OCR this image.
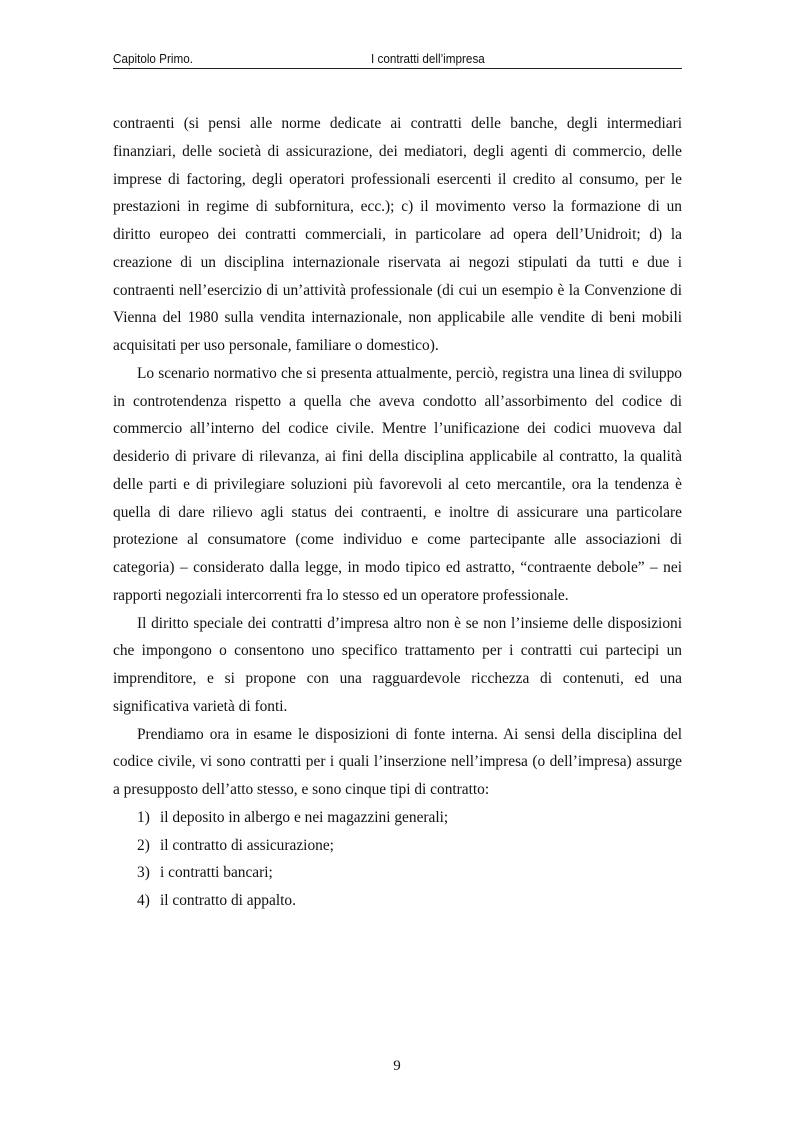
Capitolo Primo.	I contratti dell’impresa

contraenti (si pensi alle norme dedicate ai contratti delle banche, degli intermediari finanziari, delle società di assicurazione, dei mediatori, degli agenti di commercio, delle imprese di factoring, degli operatori professionali esercenti il credito al consumo, per le prestazioni in regime di subfornitura, ecc.); c) il movimento verso la formazione di un diritto europeo dei contratti commerciali, in particolare ad opera dell’Unidroit; d) la creazione di un disciplina internazionale riservata ai negozi stipulati da tutti e due i contraenti nell’esercizio di un’attività professionale (di cui un esempio è la Convenzione di Vienna del 1980 sulla vendita internazionale, non applicabile alle vendite di beni mobili acquisitati per uso personale, familiare o domestico).

Lo scenario normativo che si presenta attualmente, perciò, registra una linea di sviluppo in controtendenza rispetto a quella che aveva condotto all’assorbimento del codice di commercio all’interno del codice civile. Mentre l’unificazione dei codici muoveva dal desiderio di privare di rilevanza, ai fini della disciplina applicabile al contratto, la qualità delle parti e di privilegiare soluzioni più favorevoli al ceto mercantile, ora la tendenza è quella di dare rilievo agli status dei contraenti, e inoltre di assicurare una particolare protezione al consumatore (come individuo e come partecipante alle associazioni di categoria) – considerato dalla legge, in modo tipico ed astratto, “contraente debole” – nei rapporti negoziali intercorrenti fra lo stesso ed un operatore professionale.

Il diritto speciale dei contratti d’impresa altro non è se non l’insieme delle disposizioni che impongono o consentono uno specifico trattamento per i contratti cui partecipi un imprenditore, e si propone con una ragguardevole ricchezza di contenuti, ed una significativa varietà di fonti.

Prendiamo ora in esame le disposizioni di fonte interna. Ai sensi della disciplina del codice civile, vi sono contratti per i quali l’inserzione nell’impresa (o dell’impresa) assurge a presupposto dell’atto stesso, e sono cinque tipi di contratto:

1) il deposito in albergo e nei magazzini generali;
2) il contratto di assicurazione;
3) i contratti bancari;
4) il contratto di appalto.
9
